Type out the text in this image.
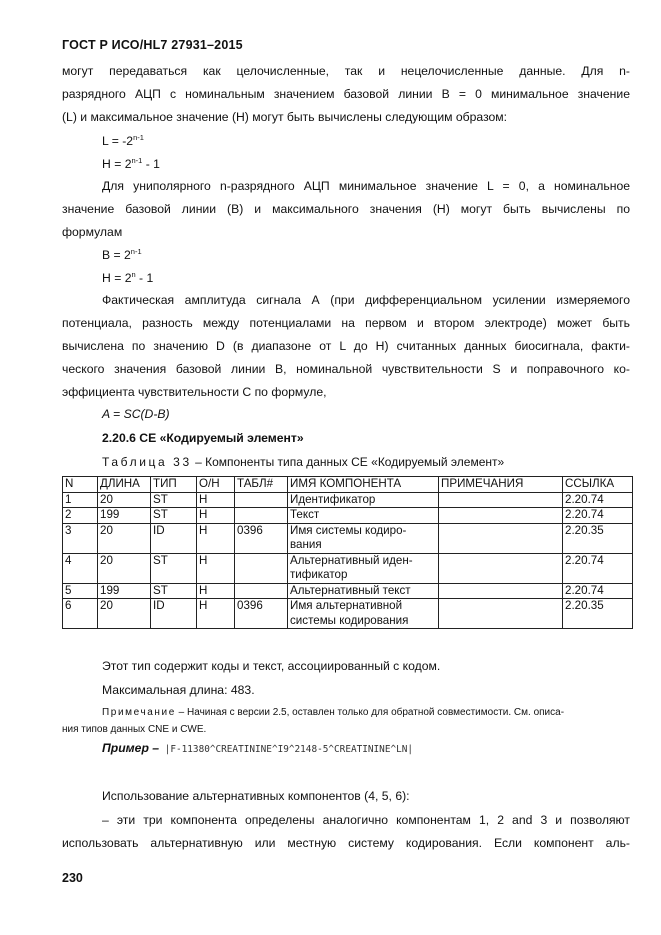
ГОСТ Р ИСО/HL7 27931–2015
могут передаваться как целочисленные, так и нецелочисленные данные. Для n-
разрядного АЦП с номинальным значением базовой линии B = 0 минимальное значение
(L) и максимальное значение (Н) могут быть вычислены следующим образом:
$L = -2^{n-1}$
$H = 2^{n-1} - 1$
Для униполярного n-разрядного АЦП минимальное значение L = 0, а номинальное
значение базовой линии (В) и максимального значения (Н) могут быть вычислены по
формулам
$B = 2^{n-1}$
$H = 2^n - 1$
Фактическая амплитуда сигнала А (при дифференциальном усилении измеряемого
потенциала, разность между потенциалами на первом и втором электроде) может быть
вычислена по значению D (в диапазоне от L до Н) считанных данных биосигнала, факти-
ческого значения базовой линии В, номинальной чувствительности S и поправочного ко-
эффициента чувствительности С по формуле,
A = SC(D-B)
2.20.6 CE «Кодируемый элемент»
Таблица 33 – Компоненты типа данных CE «Кодируемый элемент»
N	ДЛИНА	ТИП	О/Н	ТАБЛ#	ИМЯ КОМПОНЕНТА	ПРИМЕЧАНИЯ	ССЫЛКА
1	20	ST	H		Идентификатор		2.20.74
2	199	ST	H		Текст		2.20.74
3	20	ID	H	0396	Имя системы кодиро-вания		2.20.35
4	20	ST	H		Альтернативный иден-тификатор		2.20.74
5	199	ST	H		Альтернативный текст		2.20.74
6	20	ID	H	0396	Имя альтернативной системы кодирования		2.20.35
Этот тип содержит коды и текст, ассоциированный с кодом.
Максимальная длина: 483.
Примечание – Начиная с версии 2.5, оставлен только для обратной совместимости. См. описа-
ния типов данных CNE и CWE.
Пример – |F-11380^CREATININE^I9^2148-5^CREATININE^LN|
Использование альтернативных компонентов (4, 5, 6):
– эти три компонента определены аналогично компонентам 1, 2 and 3 и позволяют
использовать альтернативную или местную систему кодирования. Если компонент аль-
230
